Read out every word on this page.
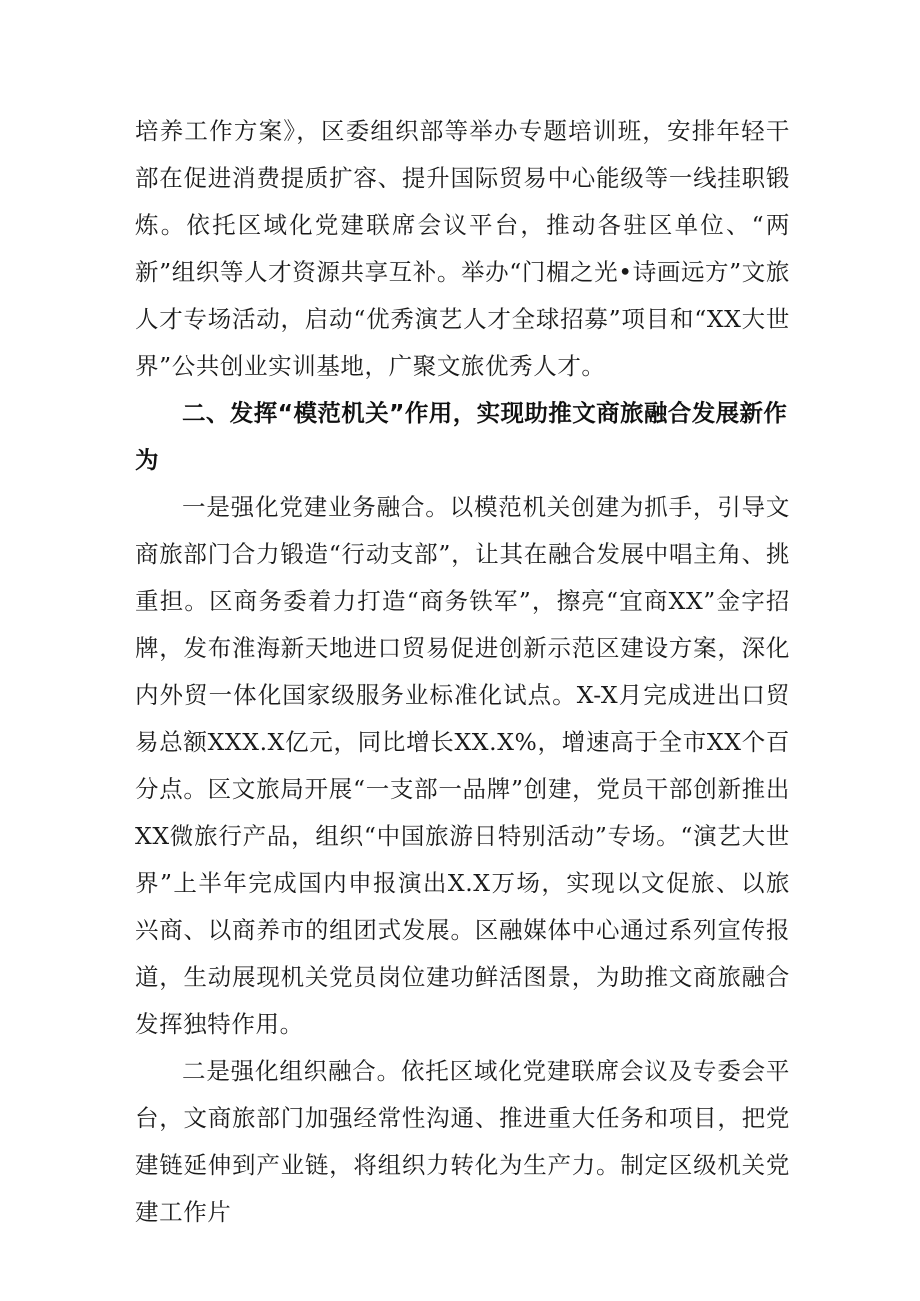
培养工作方案》，区委组织部等举办专题培训班，安排年轻干部在促进消费提质扩容、提升国际贸易中心能级等一线挂职锻炼。依托区域化党建联席会议平台，推动各驻区单位、“两新”组织等人才资源共享互补。举办“门楣之光•诗画远方”文旅人才专场活动，启动“优秀演艺人才全球招募”项目和“XX大世界”公共创业实训基地，广聚文旅优秀人才。

二、发挥“模范机关”作用，实现助推文商旅融合发展新作为

一是强化党建业务融合。以模范机关创建为抓手，引导文商旅部门合力锻造“行动支部”，让其在融合发展中唱主角、挑重担。区商务委着力打造“商务铁军”，擦亮“宜商XX”金字招牌，发布淮海新天地进口贸易促进创新示范区建设方案，深化内外贸一体化国家级服务业标准化试点。X-X月完成进出口贸易总额XXX.X亿元，同比增长XX.X%，增速高于全市XX个百分点。区文旅局开展“一支部一品牌”创建，党员干部创新推出XX微旅行产品，组织“中国旅游日特别活动”专场。“演艺大世界”上半年完成国内申报演出X.X万场，实现以文促旅、以旅兴商、以商养市的组团式发展。区融媒体中心通过系列宣传报道，生动展现机关党员岗位建功鲜活图景，为助推文商旅融合发挥独特作用。

二是强化组织融合。依托区域化党建联席会议及专委会平台，文商旅部门加强经常性沟通、推进重大任务和项目，把党建链延伸到产业链，将组织力转化为生产力。制定区级机关党建工作片
